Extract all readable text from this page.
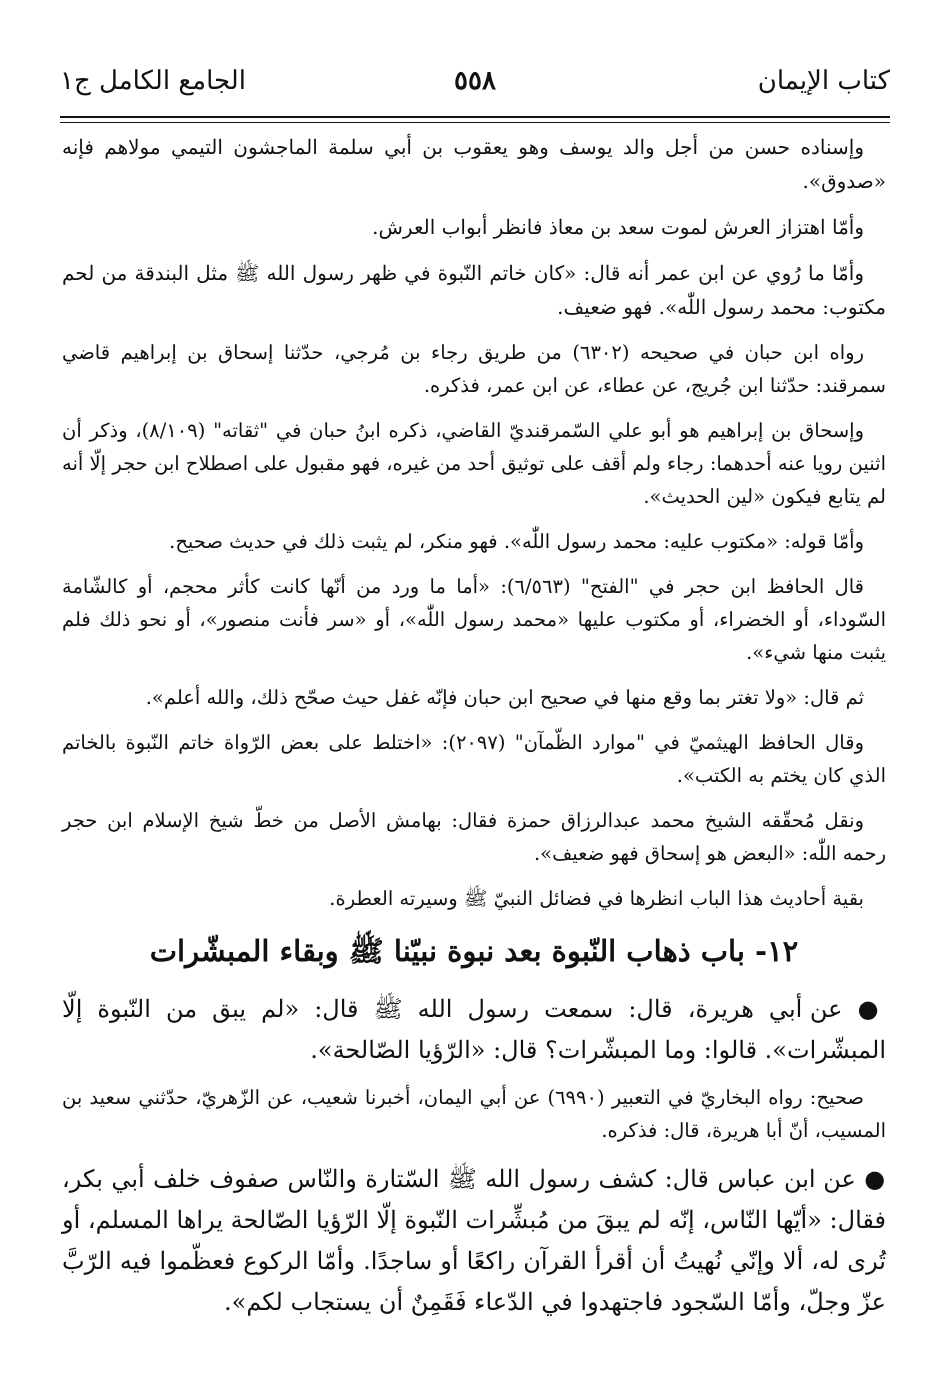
كتاب الإيمان
٥٥٨
الجامع الكامل ج١

وإسناده حسن من أجل والد يوسف وهو يعقوب بن أبي سلمة الماجشون التيمي مولاهم فإنه «صدوق».

وأمّا اهتزاز العرش لموت سعد بن معاذ فانظر أبواب العرش.

وأمّا ما رُوي عن ابن عمر أنه قال: «كان خاتم النّبوة في ظهر رسول الله ﷺ مثل البندقة من لحم مكتوب: محمد رسول اللّٰه». فهو ضعيف.

رواه ابن حبان في صحيحه (٦٣٠٢) من طريق رجاء بن مُرجي، حدّثنا إسحاق بن إبراهيم قاضي سمرقند: حدّثنا ابن جُريج، عن عطاء، عن ابن عمر، فذكره.

وإسحاق بن إبراهيم هو أبو علي السّمرقنديّ القاضي، ذكره ابنُ حبان في "ثقاته" (٨/١٠٩)، وذكر أن اثنين رويا عنه أحدهما: رجاء ولم أقف على توثيق أحد من غيره، فهو مقبول على اصطلاح ابن حجر إلّا أنه لم يتابع فيكون «لين الحديث».

وأمّا قوله: «مكتوب عليه: محمد رسول اللّٰه». فهو منكر، لم يثبت ذلك في حديث صحيح.

قال الحافظ ابن حجر في "الفتح" (٦/٥٦٣): «أما ما ورد من أنّها كانت كأثر محجم، أو كالشّامة السّوداء، أو الخضراء، أو مكتوب عليها «محمد رسول اللّٰه»، أو «سر فأنت منصور»، أو نحو ذلك فلم يثبت منها شيء».

ثم قال: «ولا تغتر بما وقع منها في صحيح ابن حبان فإنّه غفل حيث صحّح ذلك، والله أعلم».

وقال الحافظ الهيثميّ في "موارد الظّمآن" (٢٠٩٧): «اختلط على بعض الرّواة خاتم النّبوة بالخاتم الذي كان يختم به الكتب».

ونقل مُحقّقه الشيخ محمد عبدالرزاق حمزة فقال: بهامش الأصل من خطّ شيخ الإسلام ابن حجر رحمه اللّٰه: «البعض هو إسحاق فهو ضعيف».

بقية أحاديث هذا الباب انظرها في فضائل النبيّ ﷺ وسيرته العطرة.

١٢- باب ذهاب النّبوة بعد نبوة نبيّنا ﷺ وبقاء المبشّرات

● عن أبي هريرة، قال: سمعت رسول الله ﷺ قال: «لم يبق من النّبوة إلّا المبشّرات». قالوا: وما المبشّرات؟ قال: «الرّؤيا الصّالحة».

صحيح: رواه البخاريّ في التعبير (٦٩٩٠) عن أبي اليمان، أخبرنا شعيب، عن الزّهريّ، حدّثني سعيد بن المسيب، أنّ أبا هريرة، قال: فذكره.

● عن ابن عباس قال: كشف رسول الله ﷺ السّتارة والنّاس صفوف خلف أبي بكر، فقال: «أيّها النّاس، إنّه لم يبقَ من مُبشِّرات النّبوة إلّا الرّؤيا الصّالحة يراها المسلم، أو تُرى له، ألا وإنّي نُهيتُ أن أقرأ القرآن راكعًا أو ساجدًا. وأمّا الركوع فعظّموا فيه الرّبَّ عزّ وجلّ، وأمّا السّجود فاجتهدوا في الدّعاء فَقَمِنٌ أن يستجاب لكم».
